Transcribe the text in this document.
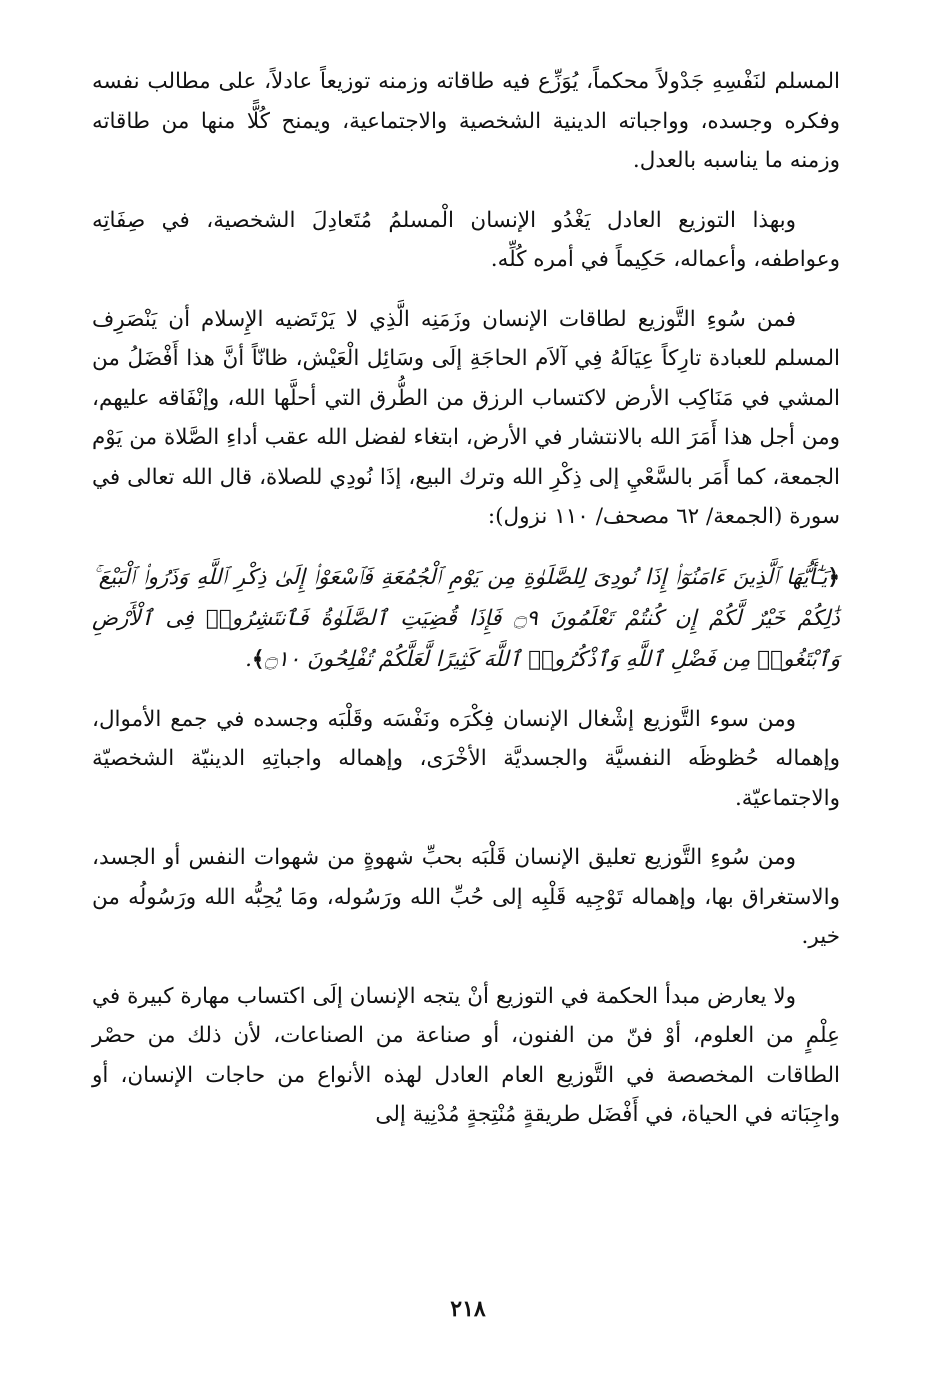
المسلم لنَفْسِهِ جَدْولاً محكماً، يُوَزِّع فيه طاقاته وزمنه توزيعاً عادلاً، على مطالب نفسه وفكره وجسده، وواجباته الدينية الشخصية والاجتماعية، ويمنح كُلًّا منها من طاقاته وزمنه ما يناسبه بالعدل.

وبهذا التوزيع العادل يَغْدُو الإنسان الْمسلمُ مُتَعادِلَ الشخصية، في صِفَاتِه وعواطفه، وأعماله، حَكِيماً في أمره كُلِّه.

فمن سُوءِ التَّوزيع لطاقات الإنسان وزَمَنِه الَّذِي لا يَرْتَضيه الإِسلام أن يَنْصَرِف المسلم للعبادة تارِكاً عِيَالَهُ فِي آلاَم الحاجَةِ إلَى وسَائِل الْعَيْش، ظانّاً أنَّ هذا أَفْضَلُ من المشي في مَنَاكِب الأرض لاكتساب الرزق من الطُّرق التي أحلَّها الله، وإنْفَاقه عليهم، ومن أجل هذا أَمَرَ الله بالانتشار في الأرض، ابتغاء لفضل الله عقب أداءِ الصَّلاة من يَوْم الجمعة، كما أَمَر بالسَّعْيِ إلى ذِكْرِ الله وترك البيع، إذَا نُودِي للصلاة، قال الله تعالى في سورة (الجمعة/ ٦٢ مصحف/ ١١٠ نزول):

﴿يَـٰٓأَيُّهَا ٱلَّذِينَ ءَامَنُوٓا۟ إِذَا نُودِىَ لِلصَّلَوٰةِ مِن يَوْمِ ٱلْجُمُعَةِ فَٱسْعَوْا۟ إِلَىٰ ذِكْرِ ٱللَّهِ وَذَرُوا۟ ٱلْبَيْعَ ۚ ذَٰلِكُمْ خَيْرٌ لَّكُمْ إِن كُنتُمْ تَعْلَمُونَ ۝٩ فَإِذَا قُضِيَتِ ٱلصَّلَوٰةُ فَٱنتَشِرُوا۟ فِى ٱلْأَرْضِ وَٱبْتَغُوا۟ مِن فَضْلِ ٱللَّهِ وَٱذْكُرُوا۟ ٱللَّهَ كَثِيرًا لَّعَلَّكُمْ تُفْلِحُونَ ۝١٠﴾.

ومن سوء التَّوزيع إشْغال الإنسان فِكْرَه ونَفْسَه وقَلْبَه وجسده في جمع الأموال، وإهماله حُظوظَه النفسيَّة والجسديَّة الأخْرَى، وإهماله واجباتِهِ الدينيّة الشخصيّة والاجتماعيّة.

ومن سُوءِ التَّوزيع تعليق الإنسان قَلْبَه بحبِّ شهوةٍ من شهوات النفس أو الجسد، والاستغراق بها، وإهماله تَوْجِيه قَلْبِه إلى حُبِّ الله ورَسُوله، ومَا يُحِبُّه الله ورَسُولُه من خير.

ولا يعارض مبدأ الحكمة في التوزيع أنْ يتجه الإنسان إلَى اكتساب مهارة كبيرة في عِلْمٍ من العلوم، أوْ فنّ من الفنون، أو صناعة من الصناعات، لأن ذلك من حصْر الطاقات المخصصة في التَّوزيع العام العادل لهذه الأنواع من حاجات الإنسان، أو واجِبَاته في الحياة، في أَفْضَل طريقةٍ مُنْتِجةٍ مُدْنِية إلى

٢١٨
